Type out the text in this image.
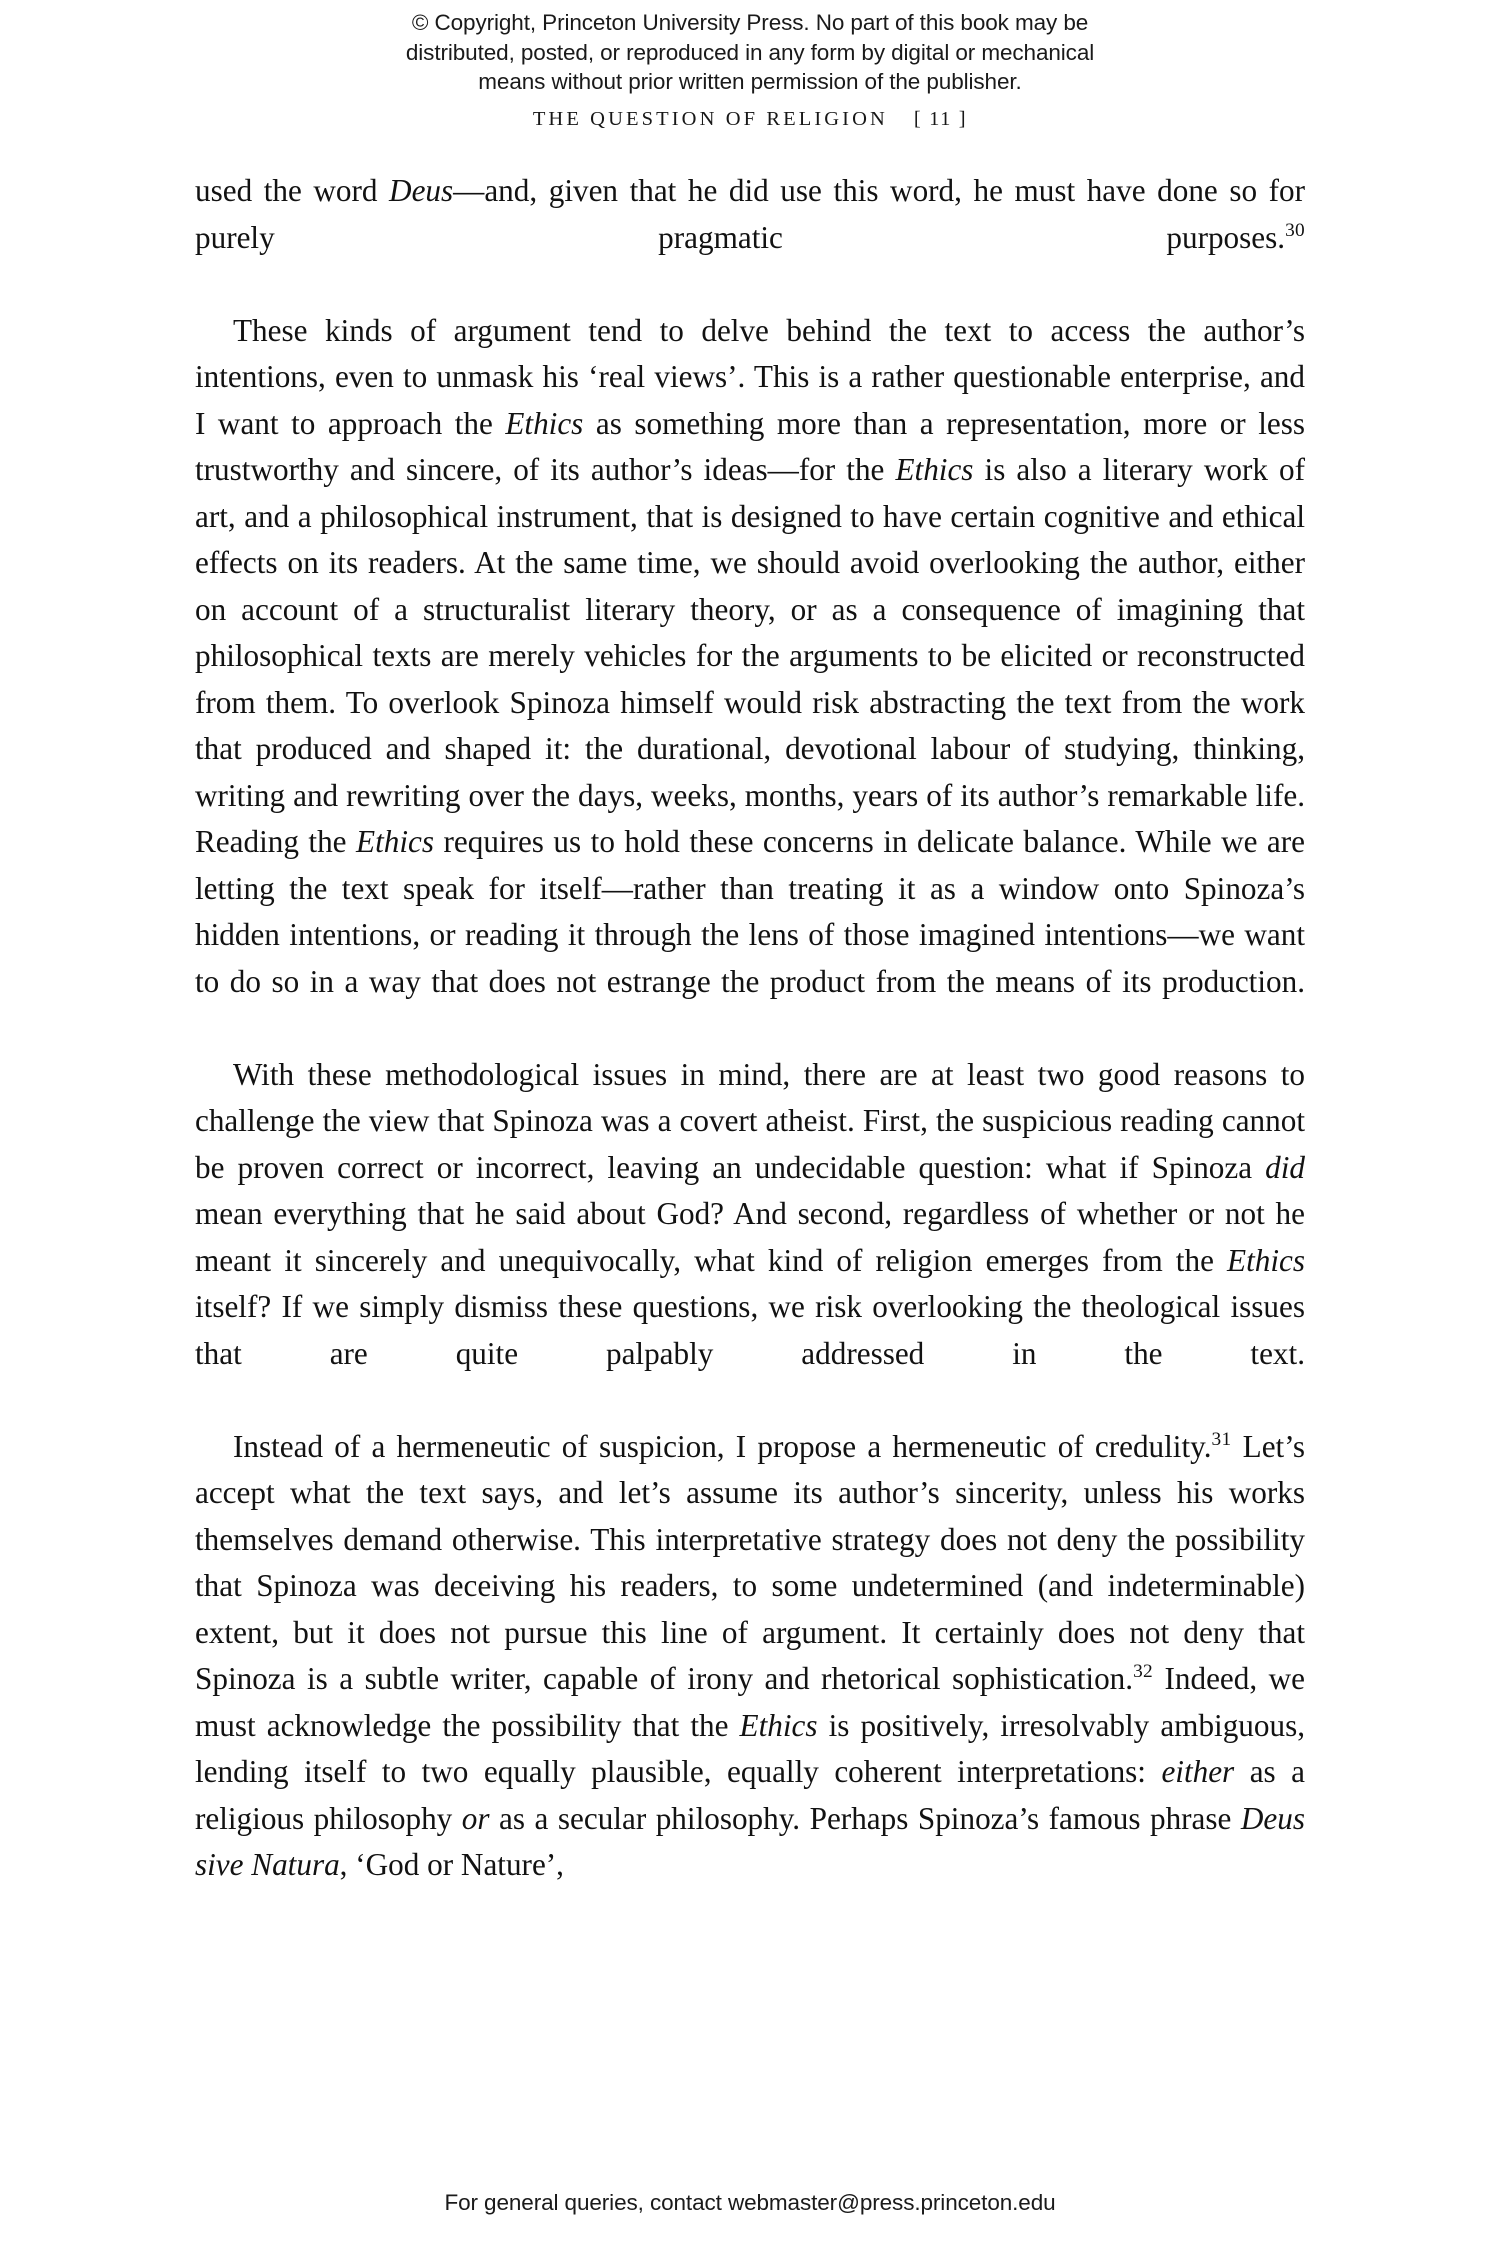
© Copyright, Princeton University Press. No part of this book may be
distributed, posted, or reproduced in any form by digital or mechanical
means without prior written permission of the publisher.
THE QUESTION OF RELIGION [ 11 ]

used the word Deus—and, given that he did use this word, he must have done so for purely pragmatic purposes.$^{30}$

These kinds of argument tend to delve behind the text to access the author’s intentions, even to unmask his ‘real views’. This is a rather questionable enterprise, and I want to approach the Ethics as something more than a representation, more or less trustworthy and sincere, of its author’s ideas—for the Ethics is also a literary work of art, and a philosophical instrument, that is designed to have certain cognitive and ethical effects on its readers. At the same time, we should avoid overlooking the author, either on account of a structuralist literary theory, or as a consequence of imagining that philosophical texts are merely vehicles for the arguments to be elicited or reconstructed from them. To overlook Spinoza himself would risk abstracting the text from the work that produced and shaped it: the durational, devotional labour of studying, thinking, writing and rewriting over the days, weeks, months, years of its author’s remarkable life. Reading the Ethics requires us to hold these concerns in delicate balance. While we are letting the text speak for itself—rather than treating it as a window onto Spinoza’s hidden intentions, or reading it through the lens of those imagined intentions—we want to do so in a way that does not estrange the product from the means of its production.

With these methodological issues in mind, there are at least two good reasons to challenge the view that Spinoza was a covert atheist. First, the suspicious reading cannot be proven correct or incorrect, leaving an undecidable question: what if Spinoza did mean everything that he said about God? And second, regardless of whether or not he meant it sincerely and unequivocally, what kind of religion emerges from the Ethics itself? If we simply dismiss these questions, we risk overlooking the theological issues that are quite palpably addressed in the text.

Instead of a hermeneutic of suspicion, I propose a hermeneutic of credulity.$^{31}$ Let’s accept what the text says, and let’s assume its author’s sincerity, unless his works themselves demand otherwise. This interpretative strategy does not deny the possibility that Spinoza was deceiving his readers, to some undetermined (and indeterminable) extent, but it does not pursue this line of argument. It certainly does not deny that Spinoza is a subtle writer, capable of irony and rhetorical sophistication.$^{32}$ Indeed, we must acknowledge the possibility that the Ethics is positively, irresolvably ambiguous, lending itself to two equally plausible, equally coherent interpretations: either as a religious philosophy or as a secular philosophy. Perhaps Spinoza’s famous phrase Deus sive Natura, ‘God or Nature’,

For general queries, contact webmaster@press.princeton.edu
